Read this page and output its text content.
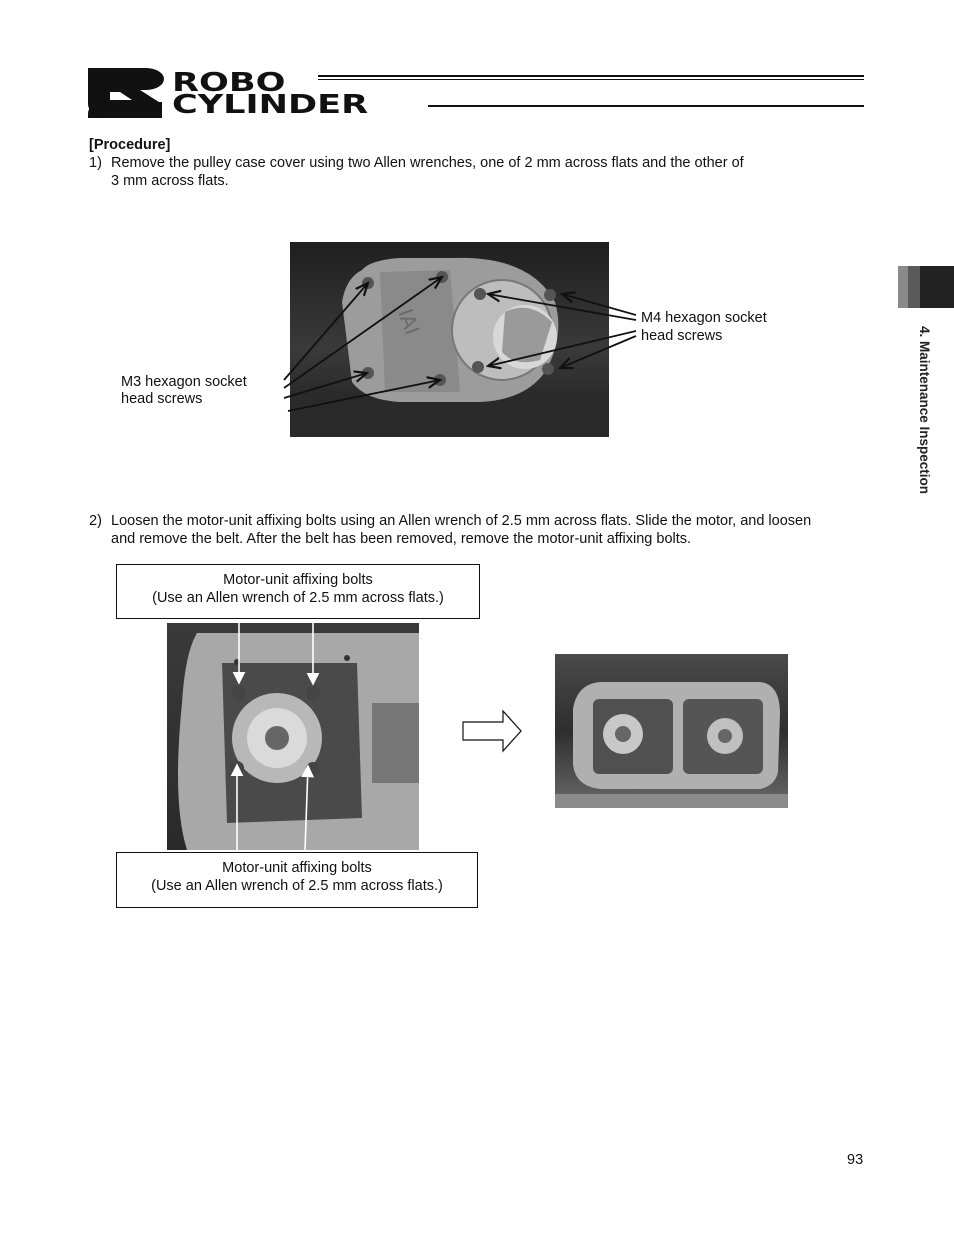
ROBO
CYLINDER
4. Maintenance Inspection
[Procedure]
1) Remove the pulley case cover using two Allen wrenches, one of 2 mm across flats and the other of
3 mm across flats.
IAI	M4 hexagon socket
head screws
M3 hexagon socket
head screws
2) Loosen the motor-unit affixing bolts using an Allen wrench of 2.5 mm across flats. Slide the motor, and loosen
and remove the belt. After the belt has been removed, remove the motor-unit affixing bolts.
Motor-unit affixing bolts
(Use an Allen wrench of 2.5 mm across flats.)
Motor-unit affixing bolts
(Use an Allen wrench of 2.5 mm across flats.)
93
